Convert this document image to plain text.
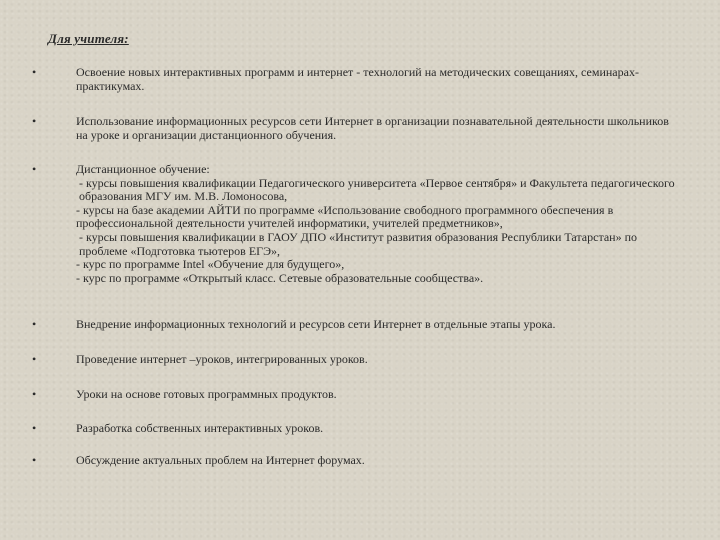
Для учителя:
•	Освоение новых интерактивных программ и интернет - технологий на методических совещаниях, семинарах-практикумах.
•	Использование информационных ресурсов сети Интернет в организации познавательной деятельности школьников на уроке и организации дистанционного обучения.
•	Дистанционное обучение:
- курсы повышения квалификации Педагогического университета «Первое сентября» и Факультета педагогического образования МГУ им. М.В. Ломоносова,
- курсы на базе академии АЙТИ по программе «Использование свободного программного обеспечения в профессиональной деятельности учителей информатики, учителей предметников»,
- курсы повышения квалификации в ГАОУ ДПО «Институт развития образования Республики Татарстан» по проблеме «Подготовка тьютеров ЕГЭ»,
- курс по программе Intel «Обучение для будущего»,
- курс по программе «Открытый класс. Сетевые образовательные сообщества».
•	Внедрение информационных технологий и ресурсов сети Интернет в отдельные этапы урока.
•	Проведение интернет –уроков, интегрированных уроков.
•	Уроки на основе готовых программных продуктов.
•	Разработка собственных интерактивных уроков.
•	Обсуждение актуальных проблем на Интернет форумах.
